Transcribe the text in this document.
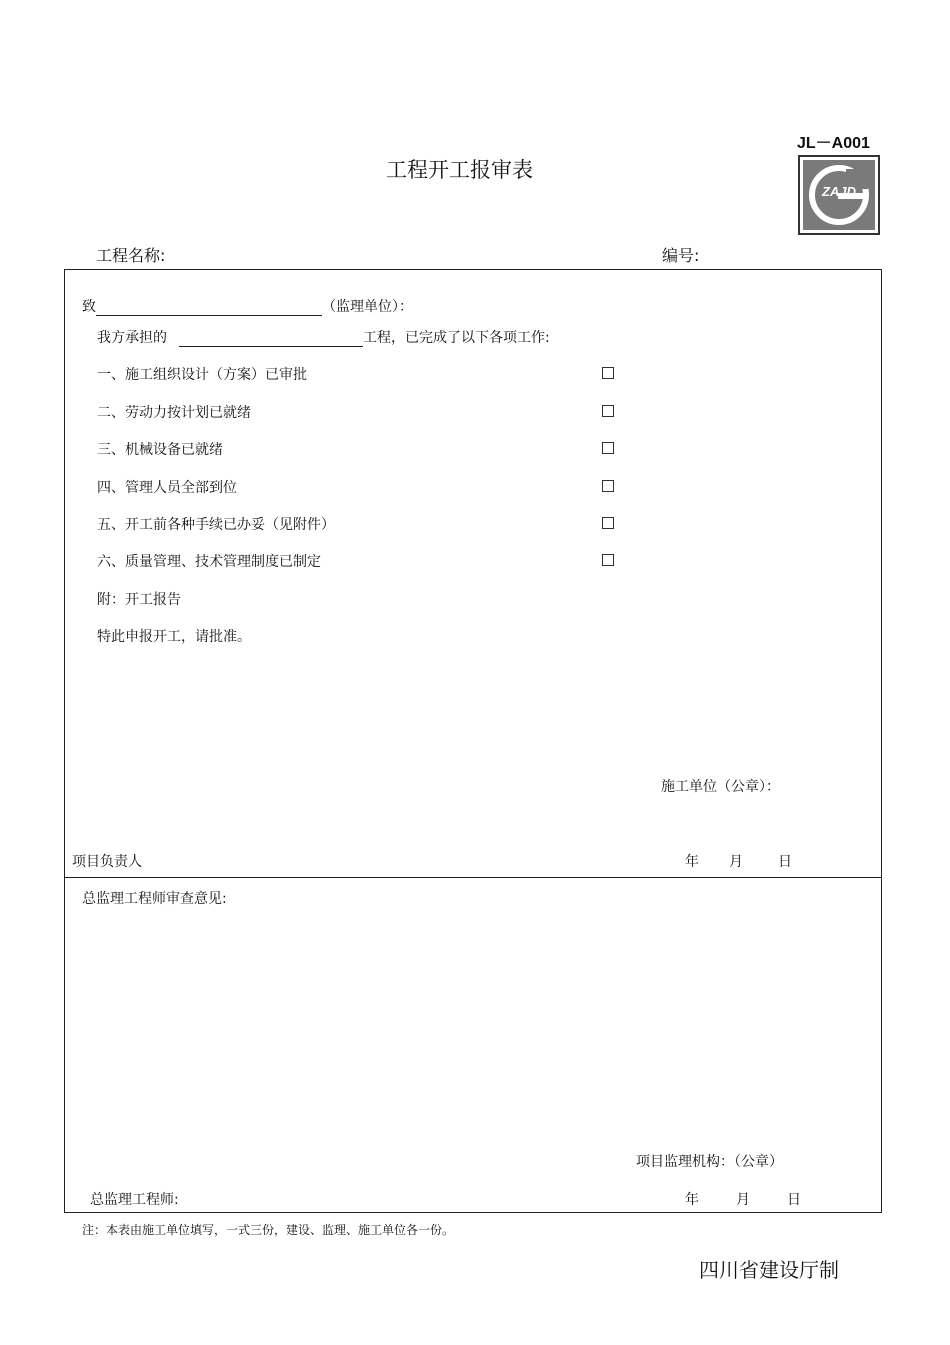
JL－A001
ZAJD
工程开工报审表
工程名称:	编号:
致	（监理单位）：
我方承担的	工程，已完成了以下各项工作:
一、施工组织设计（方案）已审批
二、劳动力按计划已就绪
三、机械设备已就绪
四、管理人员全部到位
五、开工前各种手续已办妥（见附件）
六、质量管理、技术管理制度已制定
附：开工报告
特此申报开工，请批准。
施工单位（公章）：
项目负责人	年 月	日
总监理工程师审查意见:
项目监理机构：（公章）
总监理工程师:	年	月	日
注：本表由施工单位填写，一式三份，建设、监理、施工单位各一份。
四川省建设厅制
